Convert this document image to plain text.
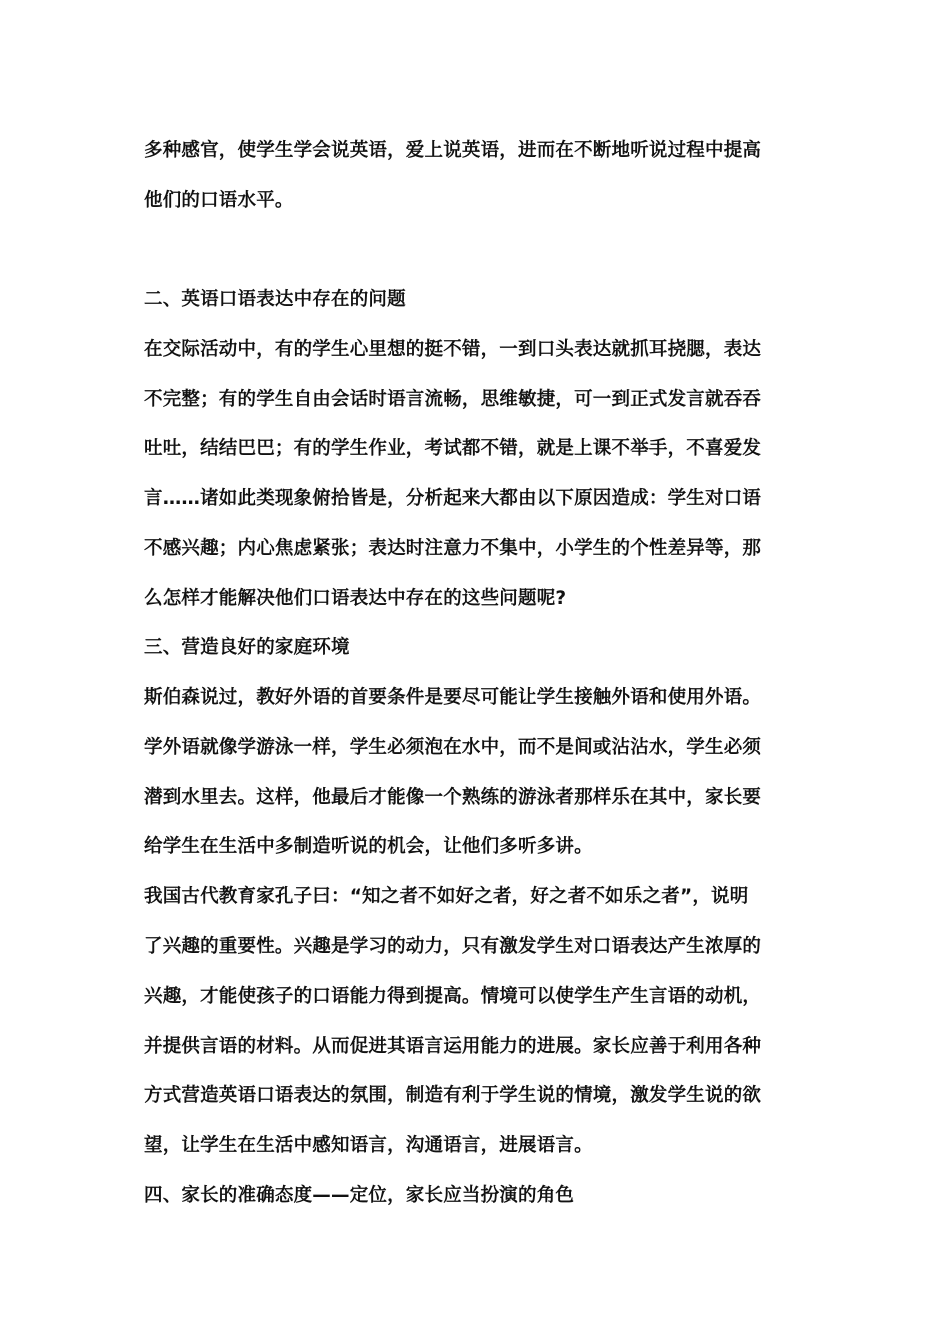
多种感官，使学生学会说英语，爱上说英语，进而在不断地听说过程中提高
他们的口语水平。
二、英语口语表达中存在的问题
在交际活动中，有的学生心里想的挺不错，一到口头表达就抓耳挠腮，表达
不完整；有的学生自由会话时语言流畅，思维敏捷，可一到正式发言就吞吞
吐吐，结结巴巴；有的学生作业，考试都不错，就是上课不举手，不喜爱发
言……诸如此类现象俯拾皆是，分析起来大都由以下原因造成：学生对口语
不感兴趣；内心焦虑紧张；表达时注意力不集中，小学生的个性差异等，那
么怎样才能解决他们口语表达中存在的这些问题呢?
三、营造良好的家庭环境
斯伯森说过，教好外语的首要条件是要尽可能让学生接触外语和使用外语。
学外语就像学游泳一样，学生必须泡在水中，而不是间或沾沾水，学生必须
潜到水里去。这样，他最后才能像一个熟练的游泳者那样乐在其中，家长要
给学生在生活中多制造听说的机会，让他们多听多讲。
我国古代教育家孔子曰：“知之者不如好之者，好之者不如乐之者”，说明
了兴趣的重要性。兴趣是学习的动力，只有激发学生对口语表达产生浓厚的
兴趣，才能使孩子的口语能力得到提高。情境可以使学生产生言语的动机，
并提供言语的材料。从而促进其语言运用能力的进展。家长应善于利用各种
方式营造英语口语表达的氛围，制造有利于学生说的情境，激发学生说的欲
望，让学生在生活中感知语言，沟通语言，进展语言。
四、家长的准确态度——定位，家长应当扮演的角色
